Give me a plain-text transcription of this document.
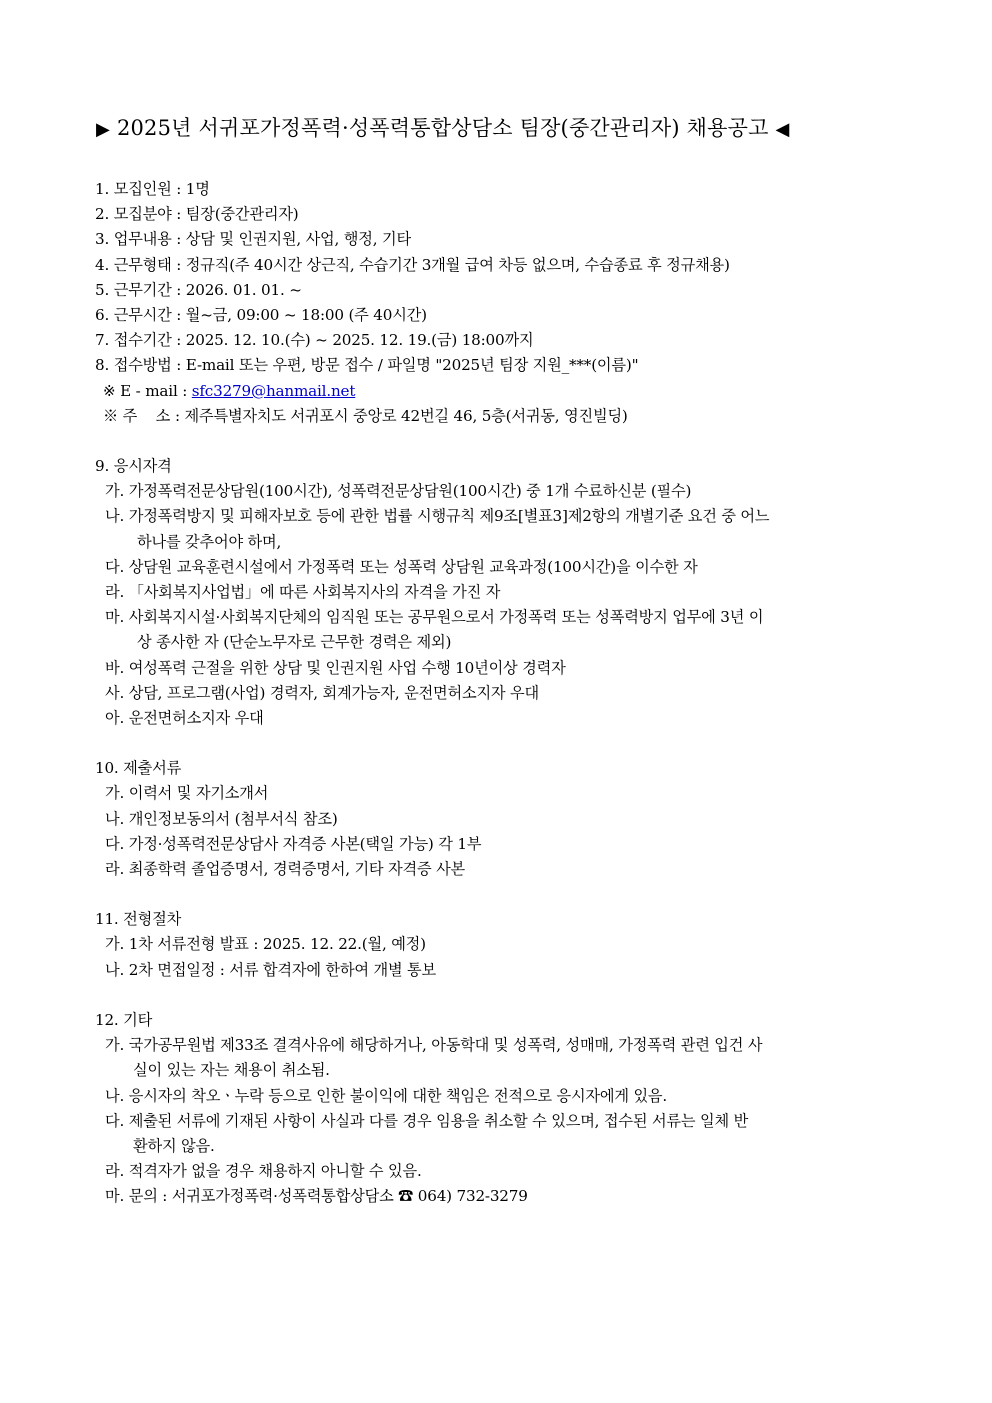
▶ 2025년 서귀포가정폭력·성폭력통합상담소 팀장(중간관리자) 채용공고 ◀
1. 모집인원 : 1명
2. 모집분야 : 팀장(중간관리자)
3. 업무내용 : 상담 및 인권지원, 사업, 행정, 기타
4. 근무형태 : 정규직(주 40시간 상근직, 수습기간 3개월 급여 차등 없으며, 수습종료 후 정규채용)
5. 근무기간 : 2026. 01. 01. ~
6. 근무시간 : 월~금, 09:00 ~ 18:00 (주 40시간)
7. 접수기간 : 2025. 12. 10.(수) ~ 2025. 12. 19.(금) 18:00까지
8. 접수방법 : E-mail 또는 우편, 방문 접수 / 파일명 "2025년 팀장 지원_***(이름)"
※ E - mail : sfc3279@hanmail.net
※ 주    소 : 제주특별자치도 서귀포시 중앙로 42번길 46, 5층(서귀동, 영진빌딩)
9. 응시자격
가. 가정폭력전문상담원(100시간), 성폭력전문상담원(100시간) 중 1개 수료하신분 (필수)
나. 가정폭력방지 및 피해자보호 등에 관한 법률 시행규칙 제9조[별표3]제2항의 개별기준 요건 중 어느
하나를 갖추어야 하며,
다. 상담원 교육훈련시설에서 가정폭력 또는 성폭력 상담원 교육과정(100시간)을 이수한 자
라. 「사회복지사업법」에 따른 사회복지사의 자격을 가진 자
마. 사회복지시설·사회복지단체의 임직원 또는 공무원으로서 가정폭력 또는 성폭력방지 업무에 3년 이
상 종사한 자 (단순노무자로 근무한 경력은 제외)
바. 여성폭력 근절을 위한 상담 및 인권지원 사업 수행 10년이상 경력자
사. 상담, 프로그램(사업) 경력자, 회계가능자, 운전면허소지자 우대
아. 운전면허소지자 우대
10. 제출서류
가. 이력서 및 자기소개서
나. 개인정보동의서 (첨부서식 참조)
다. 가정·성폭력전문상담사 자격증 사본(택일 가능) 각 1부
라. 최종학력 졸업증명서, 경력증명서, 기타 자격증 사본
11. 전형절차
가. 1차 서류전형 발표 : 2025. 12. 22.(월, 예정)
나. 2차 면접일정 : 서류 합격자에 한하여 개별 통보
12. 기타
가. 국가공무원법 제33조 결격사유에 해당하거나, 아동학대 및 성폭력, 성매매, 가정폭력 관련 입건 사
실이 있는 자는 채용이 취소됨.
나. 응시자의 착오ㆍ누락 등으로 인한 불이익에 대한 책임은 전적으로 응시자에게 있음.
다. 제출된 서류에 기재된 사항이 사실과 다를 경우 임용을 취소할 수 있으며, 접수된 서류는 일체 반
환하지 않음.
라. 적격자가 없을 경우 채용하지 아니할 수 있음.
마. 문의 : 서귀포가정폭력·성폭력통합상담소 ☎ 064) 732-3279
